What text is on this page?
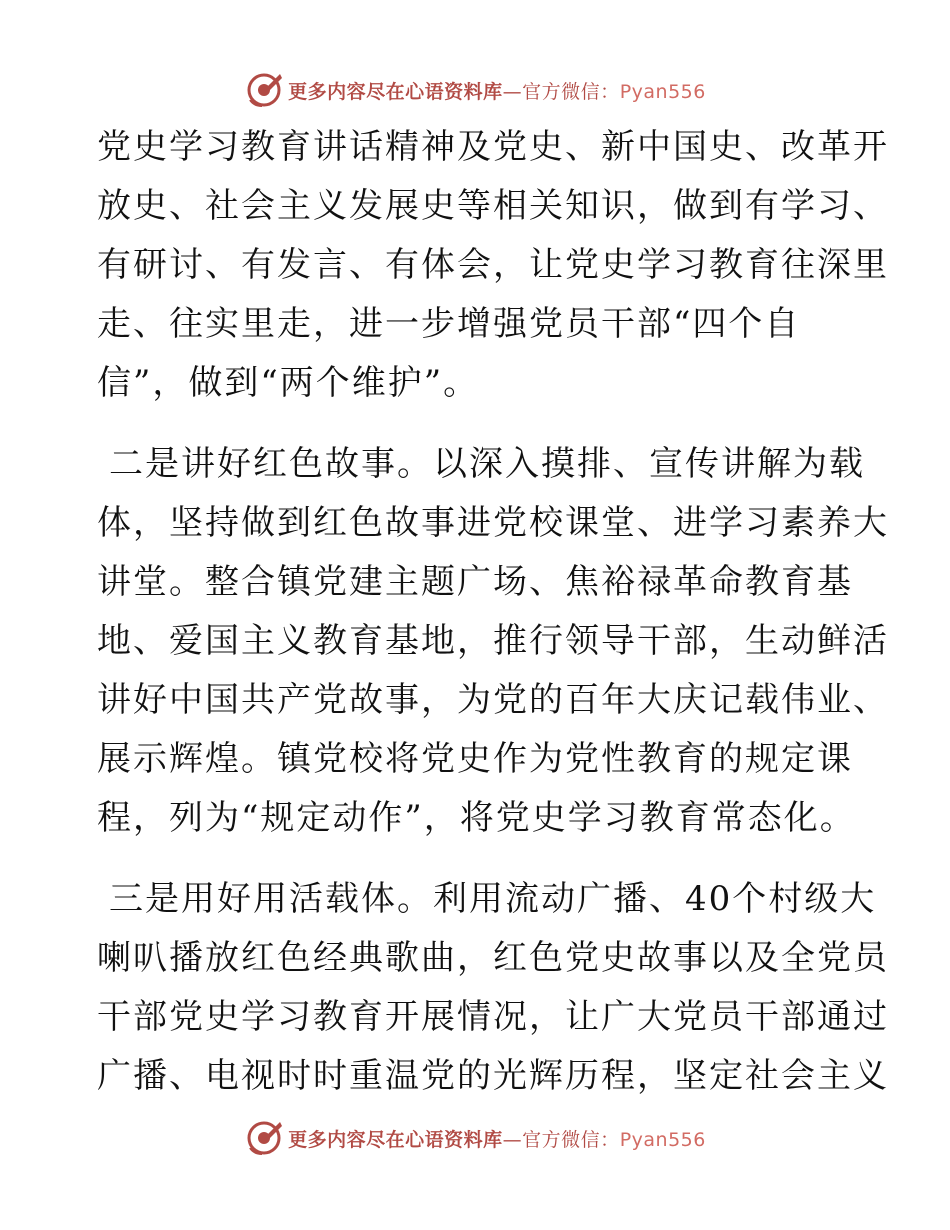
更多内容尽在心语资料库—官方微信：Pyan556
党史学习教育讲话精神及党史、新中国史、改革开
放史、社会主义发展史等相关知识，做到有学习、
有研讨、有发言、有体会，让党史学习教育往深里
走、往实里走，进一步增强党员干部“四个自
信”，做到“两个维护”。
二是讲好红色故事。以深入摸排、宣传讲解为载
体，坚持做到红色故事进党校课堂、进学习素养大
讲堂。整合镇党建主题广场、焦裕禄革命教育基
地、爱国主义教育基地，推行领导干部，生动鲜活
讲好中国共产党故事，为党的百年大庆记载伟业、
展示辉煌。镇党校将党史作为党性教育的规定课
程，列为“规定动作”，将党史学习教育常态化。
三是用好用活载体。利用流动广播、40个村级大
喇叭播放红色经典歌曲，红色党史故事以及全党员
干部党史学习教育开展情况，让广大党员干部通过
广播、电视时时重温党的光辉历程，坚定社会主义
更多内容尽在心语资料库—官方微信：Pyan556
